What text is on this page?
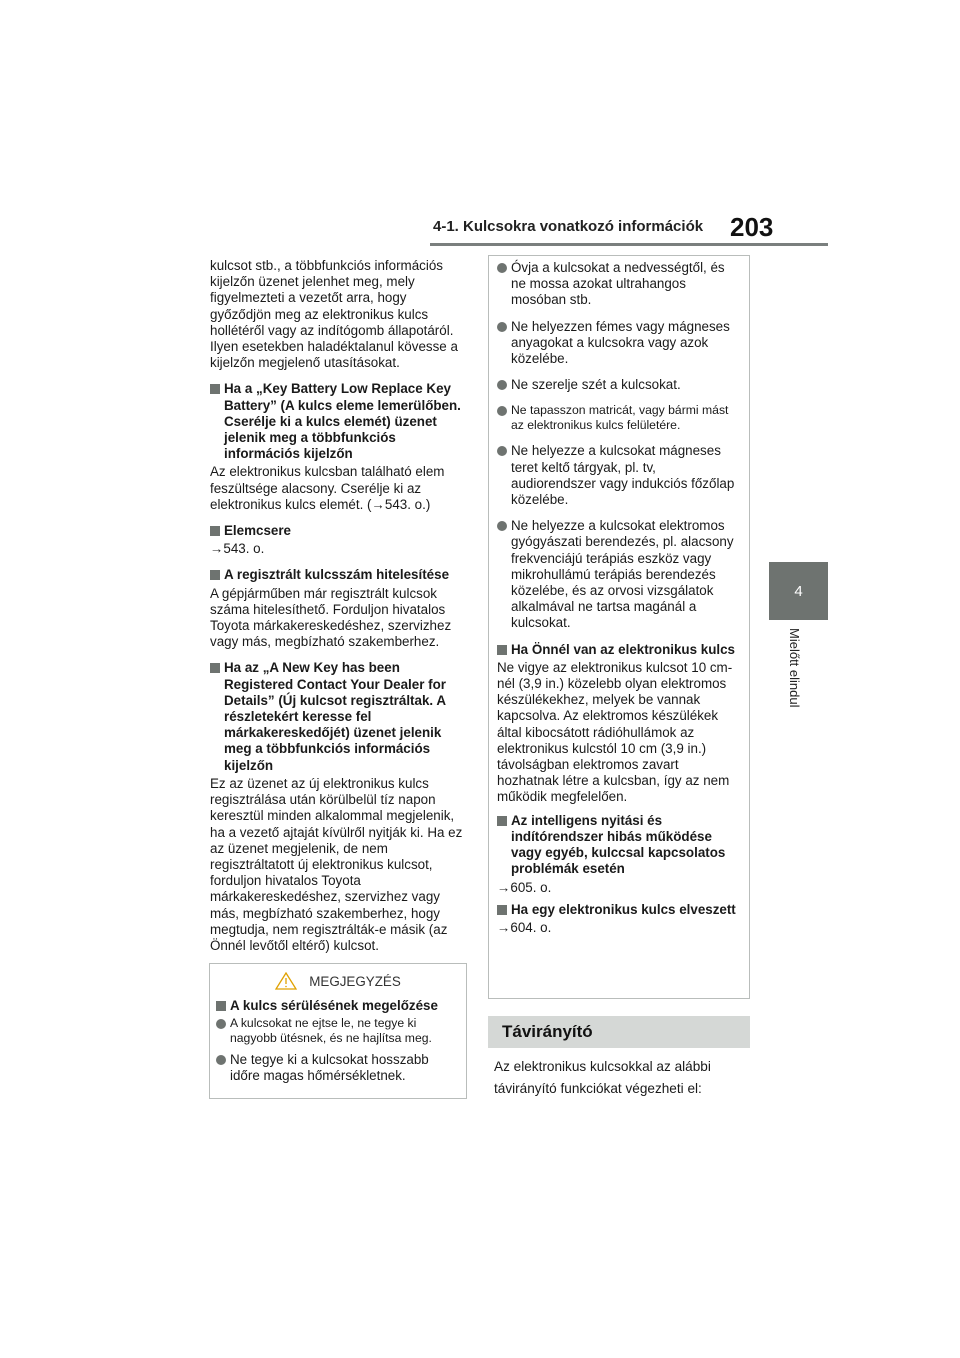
4-1. Kulcsokra vonatkozó információk 203
4
Mielőtt elindul

kulcsot stb., a többfunkciós információs kijelzőn üzenet jelenhet meg, mely figyelmezteti a vezetőt arra, hogy győződjön meg az elektronikus kulcs hollétéről vagy az indítógomb állapotáról. Ilyen esetekben haladéktalanul kövesse a kijelzőn megjelenő utasításokat.

Ha a „Key Battery Low Replace Key Battery” (A kulcs eleme lemerülőben. Cserélje ki a kulcs elemét) üzenet jelenik meg a többfunkciós információs kijelzőn

Az elektronikus kulcsban található elem feszültsége alacsony. Cserélje ki az elektronikus kulcs elemét. (→543. o.)

Elemcsere

→543. o.

A regisztrált kulcsszám hitelesítése

A gépjárműben már regisztrált kulcsok száma hitelesíthető. Forduljon hivatalos Toyota márkakereskedéshez, szervizhez vagy más, megbízható szakemberhez.

Ha az „A New Key has been Registered Contact Your Dealer for Details” (Új kulcsot regisztráltak. A részletekért keresse fel márkakereskedőjét) üzenet jelenik meg a többfunkciós információs kijelzőn

Ez az üzenet az új elektronikus kulcs regisztrálása után körülbelül tíz napon keresztül minden alkalommal megjelenik, ha a vezető ajtaját kívülről nyitják ki. Ha ez az üzenet megjelenik, de nem regisztráltatott új elektronikus kulcsot, forduljon hivatalos Toyota márkakereskedéshez, szervizhez vagy más, megbízható szakemberhez, hogy megtudja, nem regisztrálták-e másik (az Önnél levőtől eltérő) kulcsot.

MEGJEGYZÉS
A kulcs sérülésének megelőzése
A kulcsokat ne ejtse le, ne tegye ki nagyobb ütésnek, és ne hajlítsa meg.
Ne tegye ki a kulcsokat hosszabb időre magas hőmérsékletnek.
Óvja a kulcsokat a nedvességtől, és ne mossa azokat ultrahangos mosóban stb.
Ne helyezzen fémes vagy mágneses anyagokat a kulcsokra vagy azok közelébe.
Ne szerelje szét a kulcsokat.
Ne tapasszon matricát, vagy bármi mást az elektronikus kulcs felületére.
Ne helyezze a kulcsokat mágneses teret keltő tárgyak, pl. tv, audiorendszer vagy indukciós főzőlap közelébe.
Ne helyezze a kulcsokat elektromos gyógyászati berendezés, pl. alacsony frekvenciájú terápiás eszköz vagy mikrohullámú terápiás berendezés közelébe, és az orvosi vizsgálatok alkalmával ne tartsa magánál a kulcsokat.
Ha Önnél van az elektronikus kulcs

Ne vigye az elektronikus kulcsot 10 cm-nél (3,9 in.) közelebb olyan elektromos készülékekhez, melyek be vannak kapcsolva. Az elektromos készülékek által kibocsátott rádióhullámok az elektronikus kulcstól 10 cm (3,9 in.) távolságban elektromos zavart hozhatnak létre a kulcsban, így az nem működik megfelelően.

Az intelligens nyitási és indítórendszer hibás működése vagy egyéb, kulccsal kapcsolatos problémák esetén

→605. o.

Ha egy elektronikus kulcs elveszett

→604. o.

Távirányító
Az elektronikus kulcsokkal az alábbi távirányító funkciókat végezheti el:
